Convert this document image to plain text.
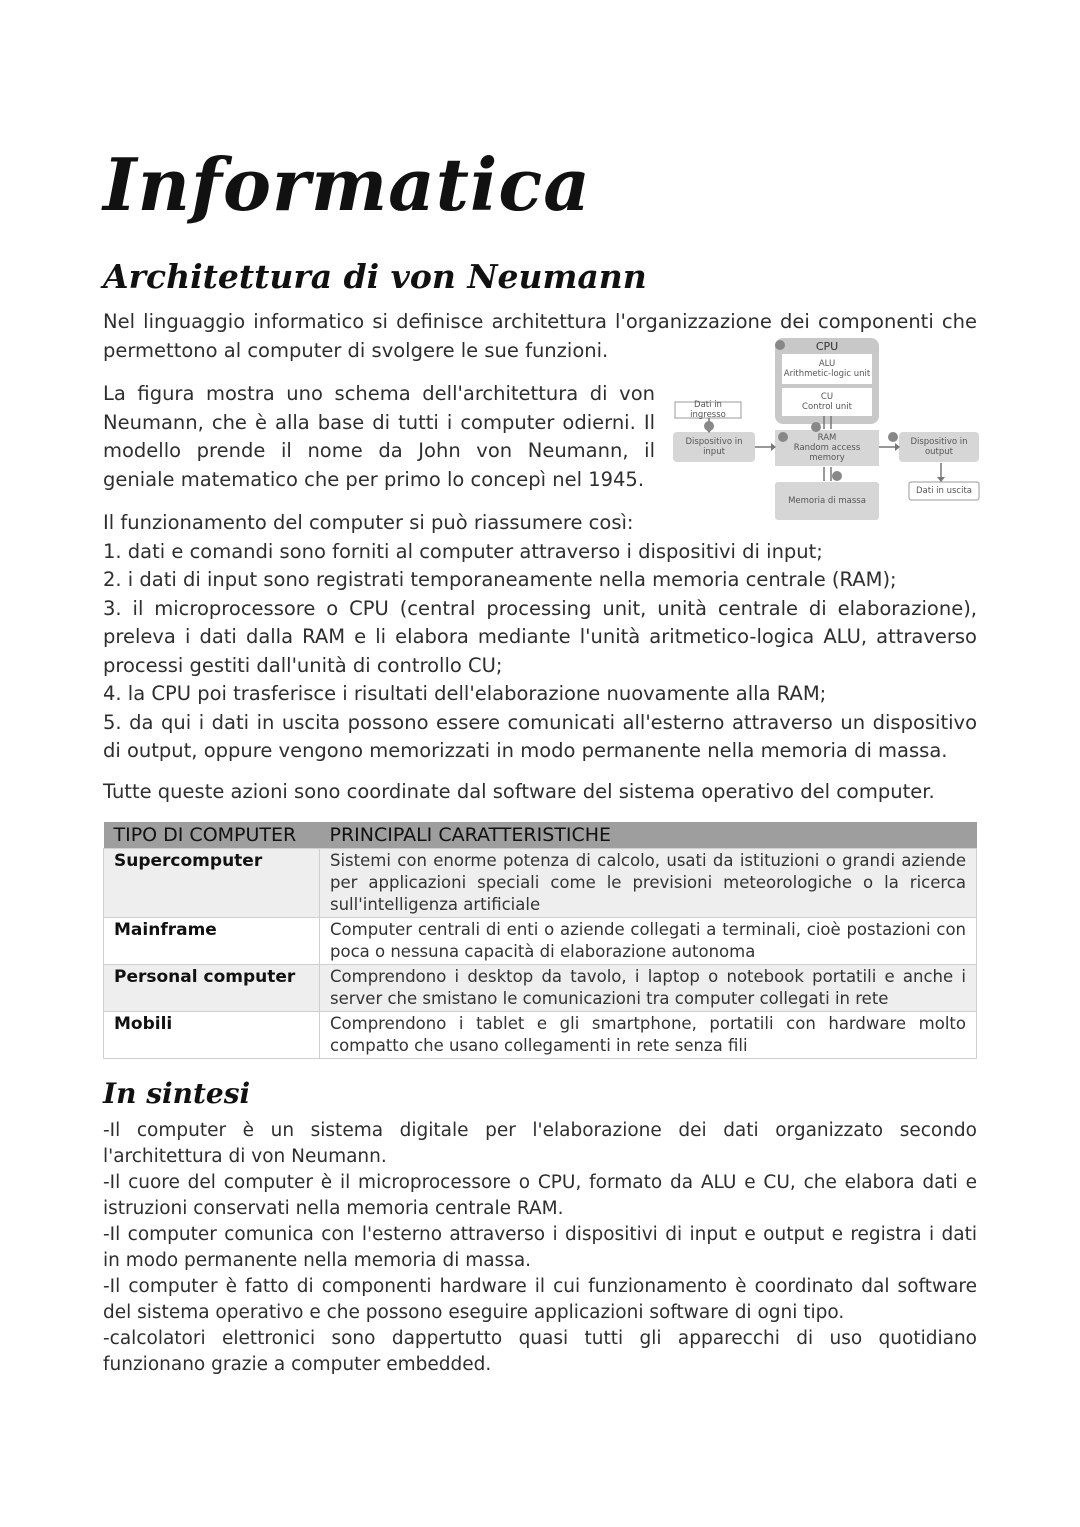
Informatica
Architettura di von Neumann

Nel linguaggio informatico si definisce architettura l'organizzazione dei componenti che permettono al computer di svolgere le sue funzioni.

La figura mostra uno schema dell'architettura di von Neumann, che è alla base di tutti i computer odierni. Il modello prende il nome da John von Neumann, il geniale matematico che per primo lo concepì nel 1945.

CPU
ALU
Arithmetic-logic unit
CU
Control unit
Dati in ingresso
Dispositivo in
input
RAM
Random access memory
Dispositivo in
output
Dati in uscita
Memoria di massa
Il funzionamento del computer si può riassumere così:
1. dati e comandi sono forniti al computer attraverso i dispositivi di input;
2. i dati di input sono registrati temporaneamente nella memoria centrale (RAM);
3. il microprocessore o CPU (central processing unit, unità centrale di elaborazione), preleva i dati dalla RAM e li elabora mediante l'unità aritmetico-logica ALU, attraverso processi gestiti dall'unità di controllo CU;
4. la CPU poi trasferisce i risultati dell'elaborazione nuovamente alla RAM;
5. da qui i dati in uscita possono essere comunicati all'esterno attraverso un dispositivo di output, oppure vengono memorizzati in modo permanente nella memoria di massa.

Tutte queste azioni sono coordinate dal software del sistema operativo del computer.

TIPO DI COMPUTER	PRINCIPALI CARATTERISTICHE
Supercomputer	Sistemi con enorme potenza di calcolo, usati da istituzioni o grandi aziende per applicazioni speciali come le previsioni meteorologiche o la ricerca sull'intelligenza artificiale
Mainframe	Computer centrali di enti o aziende collegati a terminali, cioè postazioni con poca o nessuna capacità di elaborazione autonoma
Personal computer	Comprendono i desktop da tavolo, i laptop o notebook portatili e anche i server che smistano le comunicazioni tra computer collegati in rete
Mobili	Comprendono i tablet e gli smartphone, portatili con hardware molto compatto che usano collegamenti in rete senza fili
In sintesi
-Il computer è un sistema digitale per l'elaborazione dei dati organizzato secondo l'architettura di von Neumann.
-Il cuore del computer è il microprocessore o CPU, formato da ALU e CU, che elabora dati e istruzioni conservati nella memoria centrale RAM.
-Il computer comunica con l'esterno attraverso i dispositivi di input e output e registra i dati in modo permanente nella memoria di massa.
-Il computer è fatto di componenti hardware il cui funzionamento è coordinato dal software del sistema operativo e che possono eseguire applicazioni software di ogni tipo.
-calcolatori elettronici sono dappertutto quasi tutti gli apparecchi di uso quotidiano funzionano grazie a computer embedded.
